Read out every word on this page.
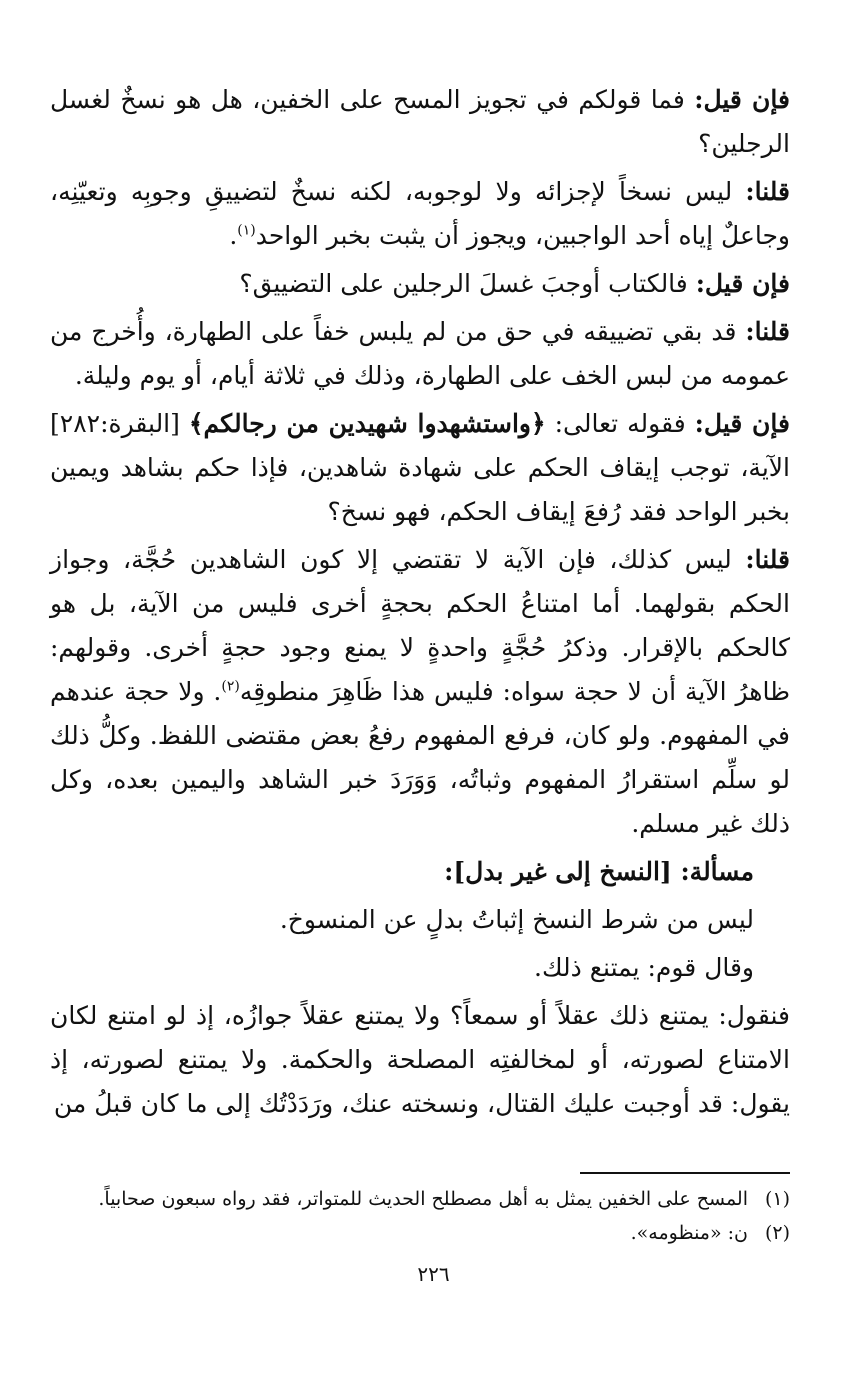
فإن قيل: فما قولكم في تجويز المسح على الخفين، هل هو نسخٌ لغسل الرجلين؟

قلنا: ليس نسخاً لإجزائه ولا لوجوبه، لكنه نسخٌ لتضييقِ وجوبِه وتعيّنِه، وجاعلٌ إياه أحد الواجبين، ويجوز أن يثبت بخبر الواحد$^{(١)}$.

فإن قيل: فالكتاب أوجبَ غسلَ الرجلين على التضييق؟

قلنا: قد بقي تضييقه في حق من لم يلبس خفاً على الطهارة، وأُخرج من عمومه من لبس الخف على الطهارة، وذلك في ثلاثة أيام، أو يوم وليلة.

فإن قيل: فقوله تعالى: ﴿واستشهدوا شهيدين من رجالكم﴾ [البقرة:٢٨٢] الآية، توجب إيقاف الحكم على شهادة شاهدين، فإذا حكم بشاهد ويمين بخبر الواحد فقد رُفعَ إيقاف الحكم، فهو نسخ؟

قلنا: ليس كذلك، فإن الآية لا تقتضي إلا كون الشاهدين حُجَّة، وجواز الحكم بقولهما. أما امتناعُ الحكم بحجةٍ أخرى فليس من الآية، بل هو كالحكم بالإقرار. وذكرُ حُجَّةٍ واحدةٍ لا يمنع وجود حجةٍ أخرى. وقولهم: ظاهرُ الآية أن لا حجة سواه: فليس هذا ظَاهِرَ منطوقِه$^{(٢)}$. ولا حجة عندهم في المفهوم. ولو كان، فرفع المفهوم رفعُ بعض مقتضى اللفظ. وكلُّ ذلك لو سلِّم استقرارُ المفهوم وثباتُه، وَوَرَدَ خبر الشاهد واليمين بعده، وكل ذلك غير مسلم.

مسألة: [النسخ إلى غير بدل]:

ليس من شرط النسخ إثباتُ بدلٍ عن المنسوخ.

وقال قوم: يمتنع ذلك.

فنقول: يمتنع ذلك عقلاً أو سمعاً؟ ولا يمتنع عقلاً جوازُه، إذ لو امتنع لكان الامتناع لصورته، أو لمخالفتِه المصلحة والحكمة. ولا يمتنع لصورته، إذ يقول: قد أوجبت عليك القتال، ونسخته عنك، ورَدَدْتُك إلى ما كان قبلُ من

(١)المسح على الخفين يمثل به أهل مصطلح الحديث للمتواتر، فقد رواه سبعون صحابياً.

(٢)ن: «منظومه».

٢٢٦
